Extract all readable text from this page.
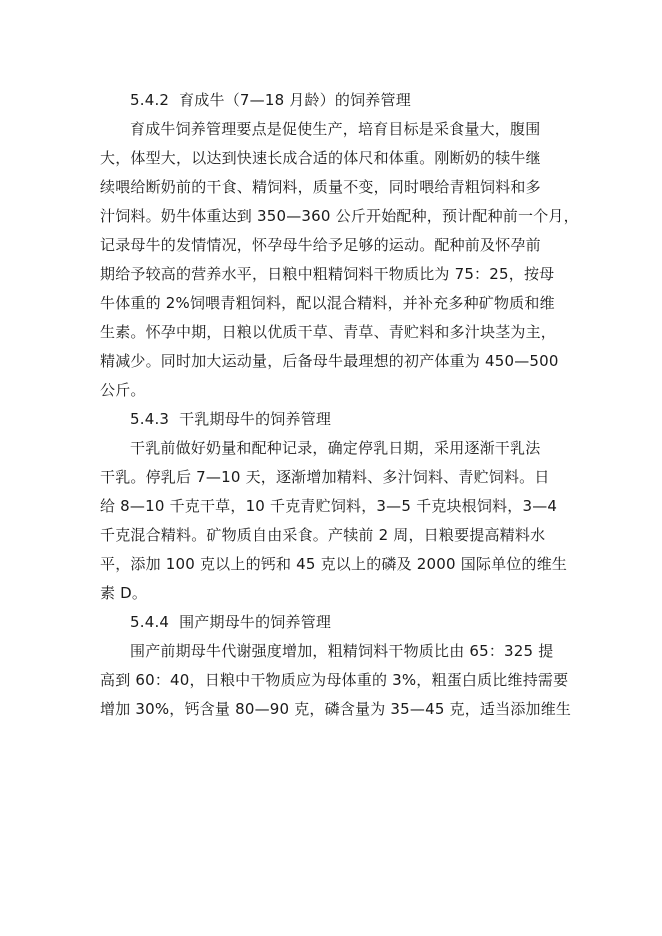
5.4.2  育成牛（7—18 月龄）的饲养管理
育成牛饲养管理要点是促使生产，培育目标是采食量大，腹围
大，体型大，以达到快速长成合适的体尺和体重。刚断奶的犊牛继
续喂给断奶前的干食、精饲料，质量不变，同时喂给青粗饲料和多
汁饲料。奶牛体重达到 350—360 公斤开始配种，预计配种前一个月，
记录母牛的发情情况，怀孕母牛给予足够的运动。配种前及怀孕前
期给予较高的营养水平，日粮中粗精饲料干物质比为 75：25，按母
牛体重的 2%饲喂青粗饲料，配以混合精料，并补充多种矿物质和维
生素。怀孕中期，日粮以优质干草、青草、青贮料和多汁块茎为主，
精减少。同时加大运动量，后备母牛最理想的初产体重为 450—500
公斤。
5.4.3  干乳期母牛的饲养管理
干乳前做好奶量和配种记录，确定停乳日期，采用逐渐干乳法
干乳。停乳后 7—10 天，逐渐增加精料、多汁饲料、青贮饲料。日
给 8—10 千克干草，10 千克青贮饲料，3—5 千克块根饲料，3—4
千克混合精料。矿物质自由采食。产犊前 2 周，日粮要提高精料水
平，添加 100 克以上的钙和 45 克以上的磷及 2000 国际单位的维生
素 D。
5.4.4  围产期母牛的饲养管理
围产前期母牛代谢强度增加，粗精饲料干物质比由 65：325 提
高到 60：40，日粮中干物质应为母体重的 3%，粗蛋白质比维持需要
增加 30%，钙含量 80—90 克，磷含量为 35—45 克，适当添加维生
